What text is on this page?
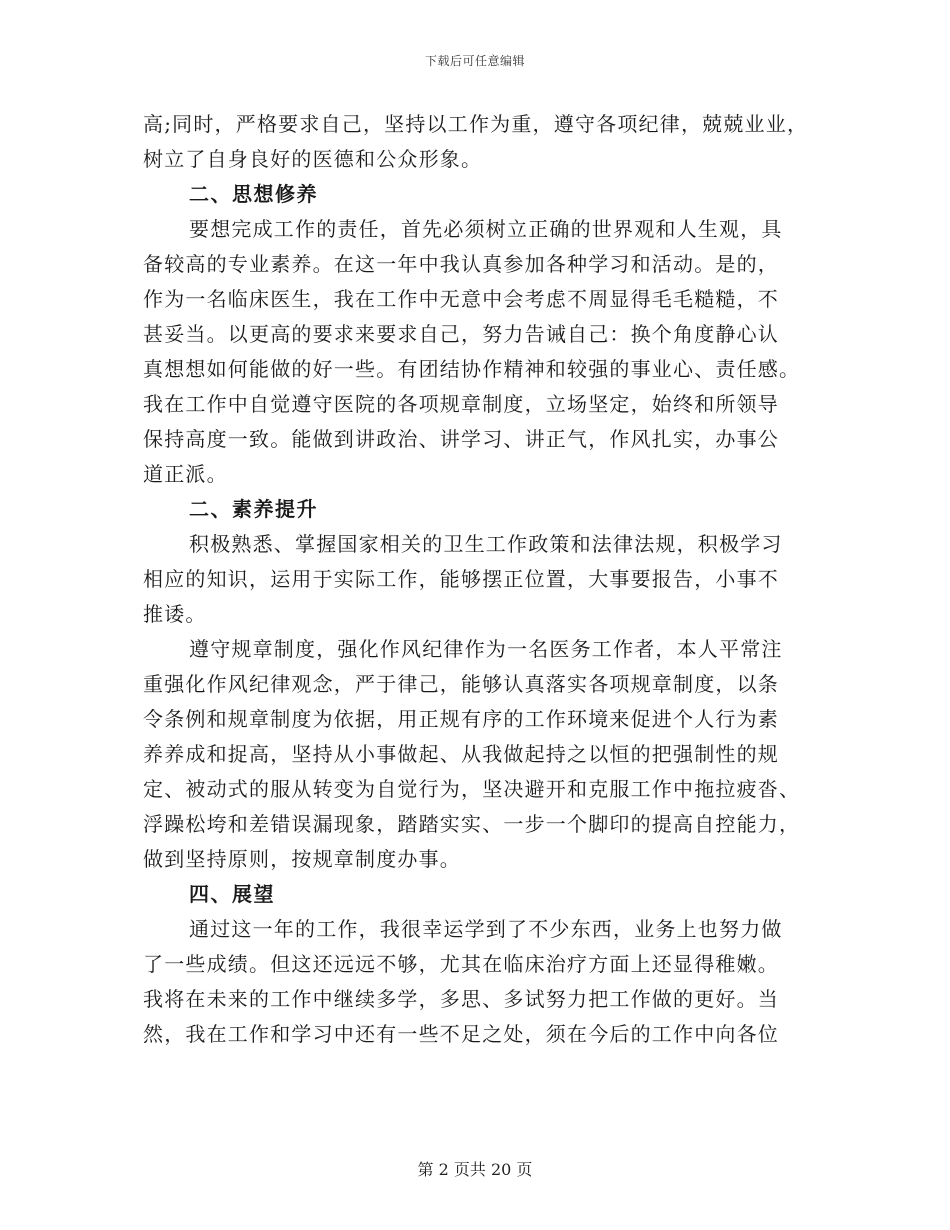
下载后可任意编辑
高;同时，严格要求自己，坚持以工作为重，遵守各项纪律，兢兢业业，
树立了自身良好的医德和公众形象。
二、思想修养
要想完成工作的责任，首先必须树立正确的世界观和人生观，具
备较高的专业素养。在这一年中我认真参加各种学习和活动。是的，
作为一名临床医生，我在工作中无意中会考虑不周显得毛毛糙糙，不
甚妥当。以更高的要求来要求自己，努力告诫自己：换个角度静心认
真想想如何能做的好一些。有团结协作精神和较强的事业心、责任感。
我在工作中自觉遵守医院的各项规章制度，立场坚定，始终和所领导
保持高度一致。能做到讲政治、讲学习、讲正气，作风扎实，办事公
道正派。
二、素养提升
积极熟悉、掌握国家相关的卫生工作政策和法律法规，积极学习
相应的知识，运用于实际工作，能够摆正位置，大事要报告，小事不
推诿。
遵守规章制度，强化作风纪律作为一名医务工作者，本人平常注
重强化作风纪律观念，严于律己，能够认真落实各项规章制度，以条
令条例和规章制度为依据，用正规有序的工作环境来促进个人行为素
养养成和捉高，坚持从小事做起、从我做起持之以恒的把强制性的规
定、被动式的服从转变为自觉行为，坚决避开和克服工作中拖拉疲沓、
浮躁松垮和差错误漏现象，踏踏实实、一步一个脚印的提高自控能力，
做到坚持原则，按规章制度办事。
四、展望
通过这一年的工作，我很幸运学到了不少东西，业务上也努力做
了一些成绩。但这还远远不够，尤其在临床治疗方面上还显得稚嫩。
我将在未来的工作中继续多学，多思、多试努力把工作做的更好。当
然，我在工作和学习中还有一些不足之处，须在今后的工作中向各位
第 2 页共 20 页
